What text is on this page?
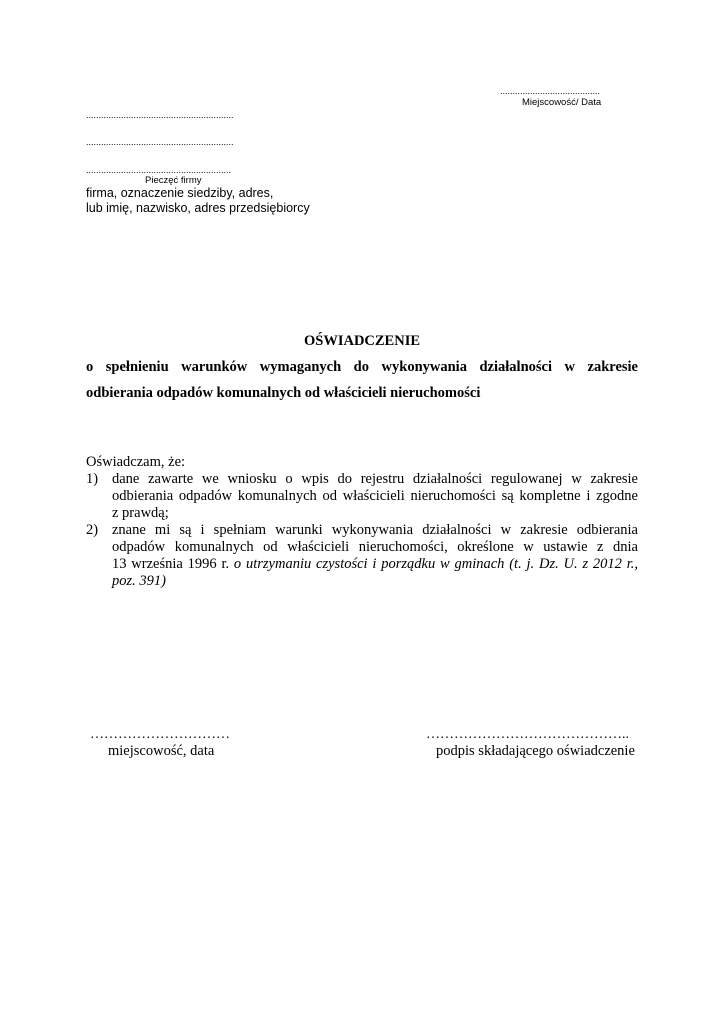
........................................
Miejscowość/ Data
...........................................................
...........................................................
..........................................................
Pieczęć firmy
firma, oznaczenie siedziby, adres,
lub imię, nazwisko, adres przedsiębiorcy
OŚWIADCZENIE
o spełnieniu warunków wymaganych do wykonywania działalności w zakresie
odbierania odpadów komunalnych od właścicieli nieruchomości
Oświadczam, że:
1) dane zawarte we wniosku o wpis do rejestru działalności regulowanej w zakresie
odbierania odpadów komunalnych od właścicieli nieruchomości są kompletne i zgodne
z prawdą;
2) znane mi są i spełniam warunki wykonywania działalności w zakresie odbierania
odpadów komunalnych od właścicieli nieruchomości, określone w ustawie z dnia
13 września 1996 r. o utrzymaniu czystości i porządku w gminach (t. j. Dz. U. z 2012 r.,
poz. 391)
…………………………
miejscowość, data
……………………………………..
podpis składającego oświadczenie
